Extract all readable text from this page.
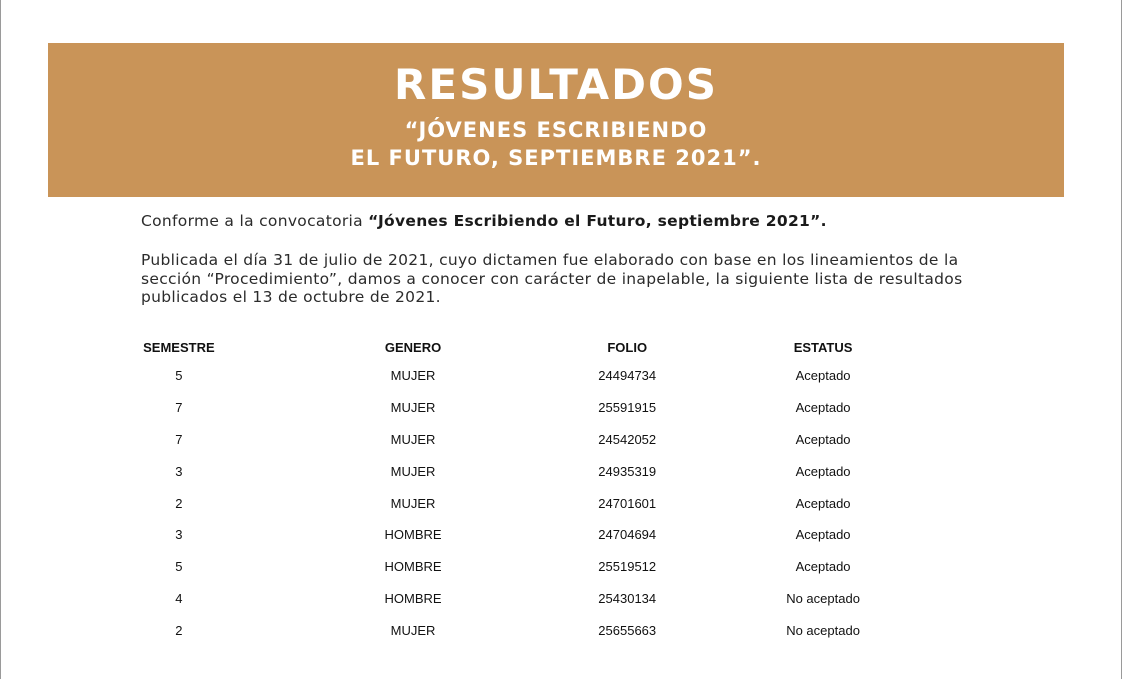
RESULTADOS
“JÓVENES ESCRIBIENDO
EL FUTURO, SEPTIEMBRE 2021”.
Conforme a la convocatoria “Jóvenes Escribiendo el Futuro, septiembre 2021”.
Publicada el día 31 de julio de 2021, cuyo dictamen fue elaborado con base en los lineamientos de la sección “Procedimiento”, damos a conocer con carácter de inapelable, la siguiente lista de resultados publicados el 13 de octubre de 2021.
SEMESTRE	GENERO	FOLIO	ESTATUS
5	MUJER	24494734	Aceptado
7	MUJER	25591915	Aceptado
7	MUJER	24542052	Aceptado
3	MUJER	24935319	Aceptado
2	MUJER	24701601	Aceptado
3	HOMBRE	24704694	Aceptado
5	HOMBRE	25519512	Aceptado
4	HOMBRE	25430134	No aceptado
2	MUJER	25655663	No aceptado
